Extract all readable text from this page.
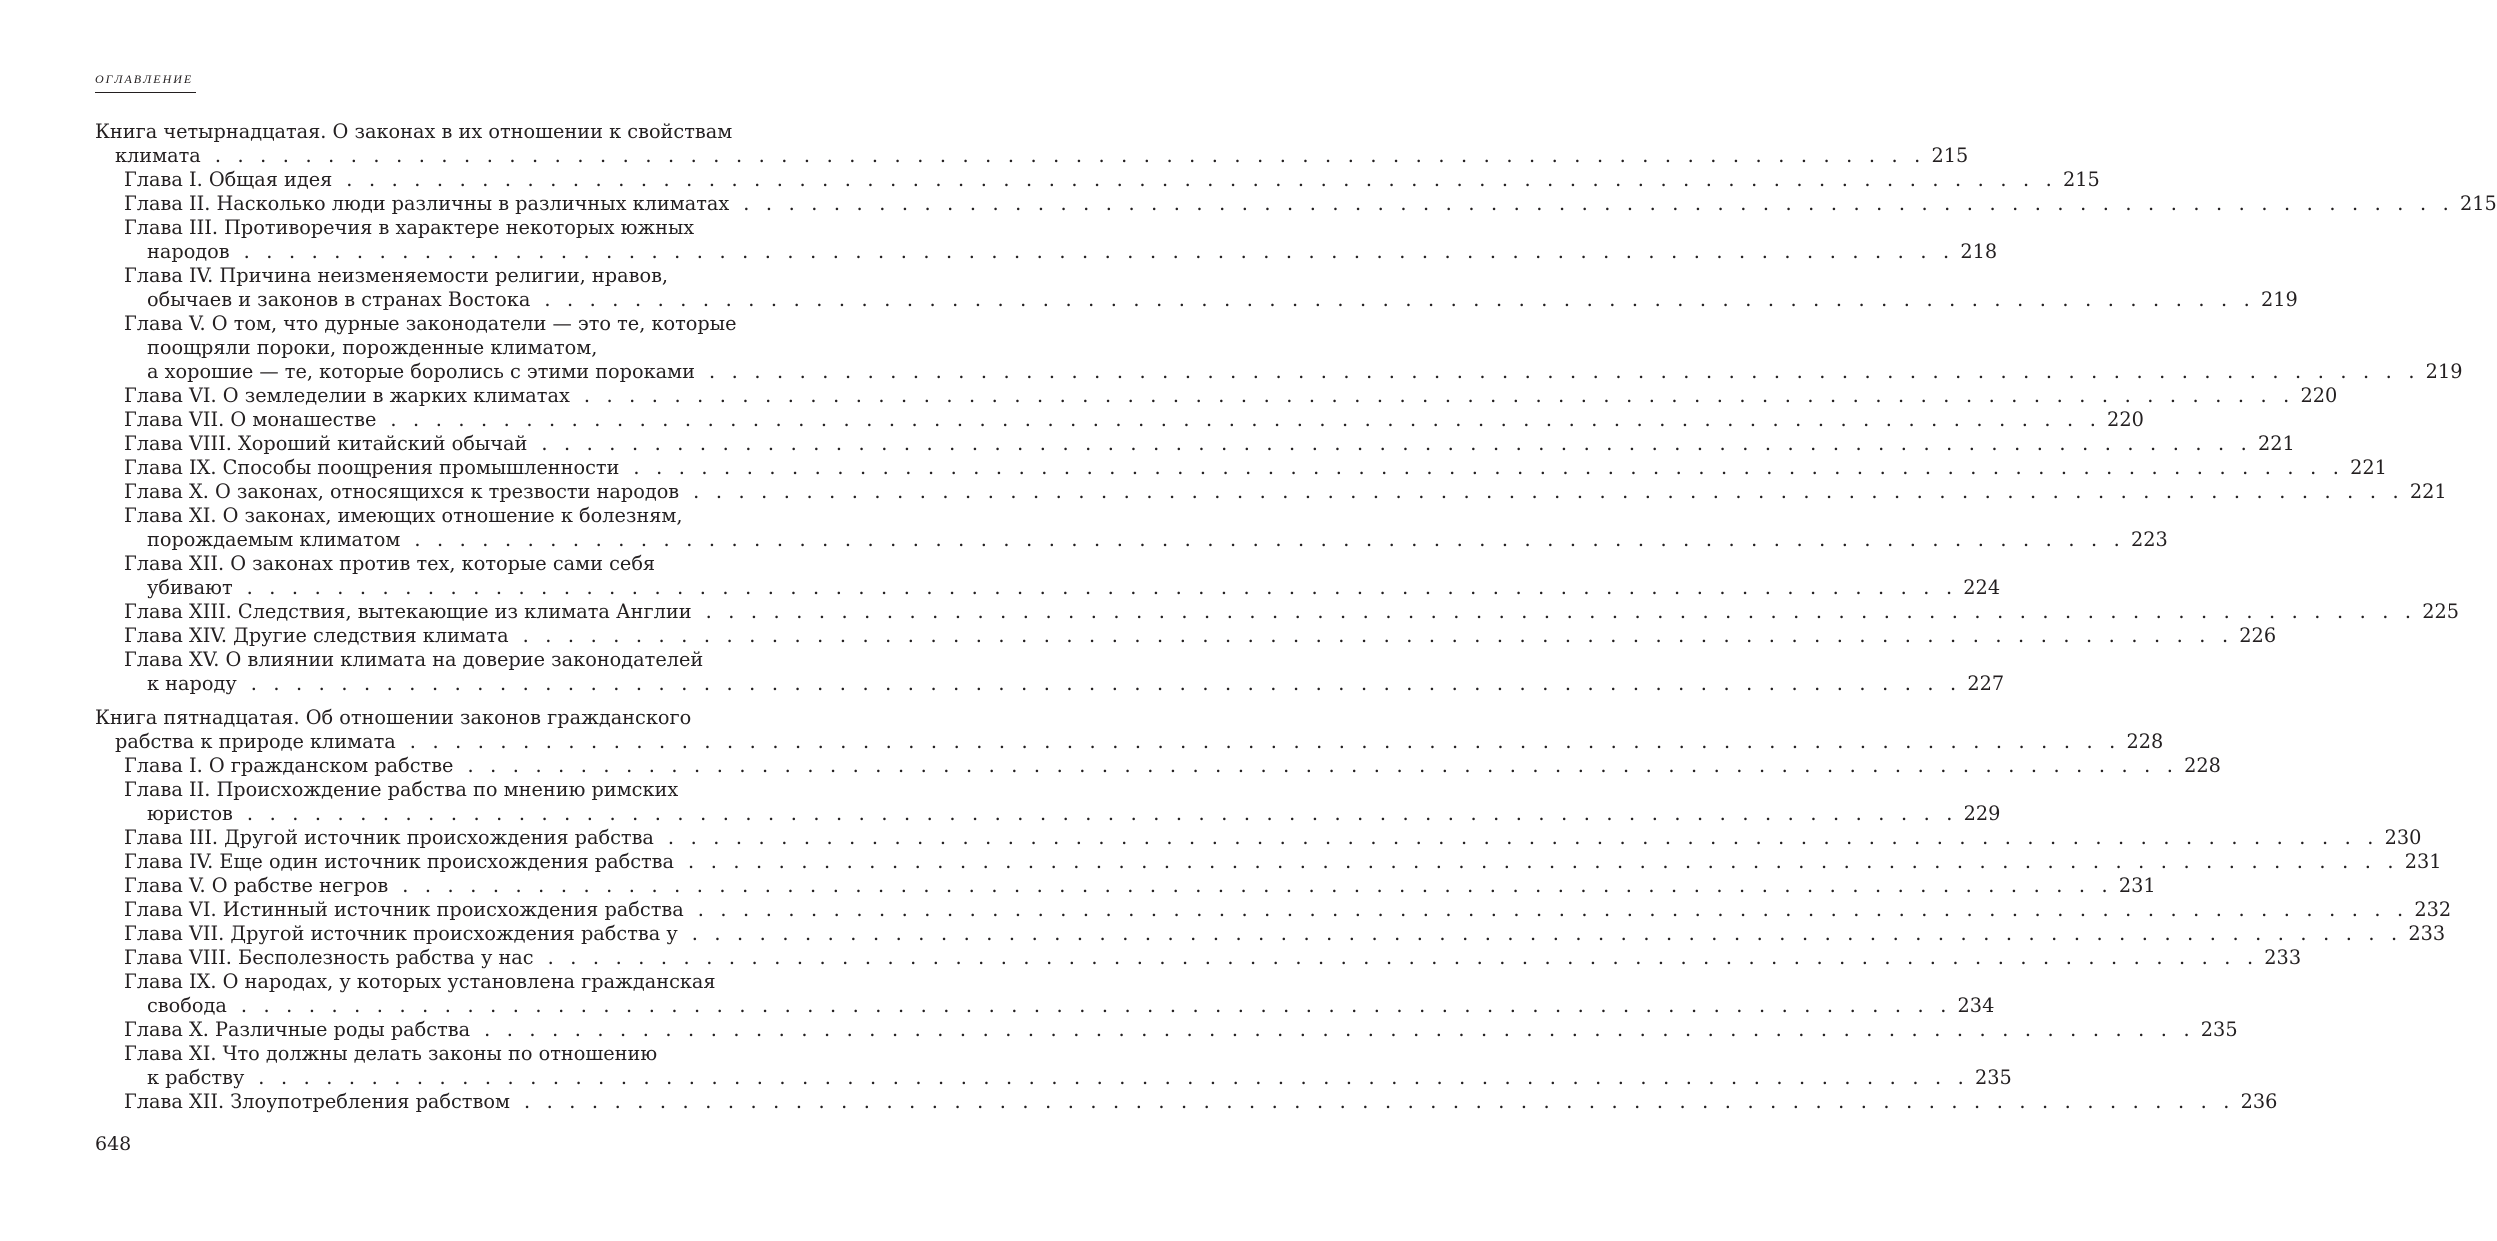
ОГЛАВЛЕНИЕ
Книга четырнадцатая. О законах в их отношении к свойствам
климата . . . . . . . . . . . . . . . . . . . . . . . . . . . . . . . . . . . . . . . . . . . . . . . . . . . . . . . . . . . . . . . . . . . . . . . . . . . . 215
Глава I. Общая идея . . . . . . . . . . . . . . . . . . . . . . . . . . . . . . . . . . . . . . . . . . . . . . . . . . . . . . . . . . . . . . . . . . . . . . . . . . . . 215
Глава II. Насколько люди различны в различных климатах . . . . . . . . . . . . . . . . . . . . . . . . . . . . . . . . . . . . . . . . . . . . . . . . . . . . . . . . . . . . . . . . . . . . . . . . . . . . 215
Глава III. Противоречия в характере некоторых южных
народов . . . . . . . . . . . . . . . . . . . . . . . . . . . . . . . . . . . . . . . . . . . . . . . . . . . . . . . . . . . . . . . . . . . . . . . . . . . . 218
Глава IV. Причина неизменяемости религии, нравов,
обычаев и законов в странах Востока . . . . . . . . . . . . . . . . . . . . . . . . . . . . . . . . . . . . . . . . . . . . . . . . . . . . . . . . . . . . . . . . . . . . . . . . . . . . 219
Глава V. О том, что дурные законодатели — это те, которые
поощряли пороки, порожденные климатом,
а хорошие — те, которые боролись с этими пороками . . . . . . . . . . . . . . . . . . . . . . . . . . . . . . . . . . . . . . . . . . . . . . . . . . . . . . . . . . . . . . . . . . . . . . . . . . . . 219
Глава VI. О земледелии в жарких климатах . . . . . . . . . . . . . . . . . . . . . . . . . . . . . . . . . . . . . . . . . . . . . . . . . . . . . . . . . . . . . . . . . . . . . . . . . . . . 220
Глава VII. О монашестве . . . . . . . . . . . . . . . . . . . . . . . . . . . . . . . . . . . . . . . . . . . . . . . . . . . . . . . . . . . . . . . . . . . . . . . . . . . . 220
Глава VIII. Хороший китайский обычай . . . . . . . . . . . . . . . . . . . . . . . . . . . . . . . . . . . . . . . . . . . . . . . . . . . . . . . . . . . . . . . . . . . . . . . . . . . . 221
Глава IX. Способы поощрения промышленности . . . . . . . . . . . . . . . . . . . . . . . . . . . . . . . . . . . . . . . . . . . . . . . . . . . . . . . . . . . . . . . . . . . . . . . . . . . . 221
Глава X. О законах, относящихся к трезвости народов . . . . . . . . . . . . . . . . . . . . . . . . . . . . . . . . . . . . . . . . . . . . . . . . . . . . . . . . . . . . . . . . . . . . . . . . . . . . 221
Глава XI. О законах, имеющих отношение к болезням,
порождаемым климатом . . . . . . . . . . . . . . . . . . . . . . . . . . . . . . . . . . . . . . . . . . . . . . . . . . . . . . . . . . . . . . . . . . . . . . . . . . . . 223
Глава XII. О законах против тех, которые сами себя
убивают . . . . . . . . . . . . . . . . . . . . . . . . . . . . . . . . . . . . . . . . . . . . . . . . . . . . . . . . . . . . . . . . . . . . . . . . . . . . 224
Глава XIII. Следствия, вытекающие из климата Англии . . . . . . . . . . . . . . . . . . . . . . . . . . . . . . . . . . . . . . . . . . . . . . . . . . . . . . . . . . . . . . . . . . . . . . . . . . . . 225
Глава XIV. Другие следствия климата . . . . . . . . . . . . . . . . . . . . . . . . . . . . . . . . . . . . . . . . . . . . . . . . . . . . . . . . . . . . . . . . . . . . . . . . . . . . 226
Глава XV. О влиянии климата на доверие законодателей
к народу . . . . . . . . . . . . . . . . . . . . . . . . . . . . . . . . . . . . . . . . . . . . . . . . . . . . . . . . . . . . . . . . . . . . . . . . . . . . 227
Книга пятнадцатая. Об отношении законов гражданского
рабства к природе климата . . . . . . . . . . . . . . . . . . . . . . . . . . . . . . . . . . . . . . . . . . . . . . . . . . . . . . . . . . . . . . . . . . . . . . . . . . . . 228
Глава I. О гражданском рабстве . . . . . . . . . . . . . . . . . . . . . . . . . . . . . . . . . . . . . . . . . . . . . . . . . . . . . . . . . . . . . . . . . . . . . . . . . . . . 228
Глава II. Происхождение рабства по мнению римских
юристов . . . . . . . . . . . . . . . . . . . . . . . . . . . . . . . . . . . . . . . . . . . . . . . . . . . . . . . . . . . . . . . . . . . . . . . . . . . . 229
Глава III. Другой источник происхождения рабства . . . . . . . . . . . . . . . . . . . . . . . . . . . . . . . . . . . . . . . . . . . . . . . . . . . . . . . . . . . . . . . . . . . . . . . . . . . . 230
Глава IV. Еще один источник происхождения рабства . . . . . . . . . . . . . . . . . . . . . . . . . . . . . . . . . . . . . . . . . . . . . . . . . . . . . . . . . . . . . . . . . . . . . . . . . . . . 231
Глава V. О рабстве негров . . . . . . . . . . . . . . . . . . . . . . . . . . . . . . . . . . . . . . . . . . . . . . . . . . . . . . . . . . . . . . . . . . . . . . . . . . . . 231
Глава VI. Истинный источник происхождения рабства . . . . . . . . . . . . . . . . . . . . . . . . . . . . . . . . . . . . . . . . . . . . . . . . . . . . . . . . . . . . . . . . . . . . . . . . . . . . 232
Глава VII. Другой источник происхождения рабства у . . . . . . . . . . . . . . . . . . . . . . . . . . . . . . . . . . . . . . . . . . . . . . . . . . . . . . . . . . . . . . . . . . . . . . . . . . . . 233
Глава VIII. Бесполезность рабства у нас . . . . . . . . . . . . . . . . . . . . . . . . . . . . . . . . . . . . . . . . . . . . . . . . . . . . . . . . . . . . . . . . . . . . . . . . . . . . 233
Глава IX. О народах, у которых установлена гражданская
свобода . . . . . . . . . . . . . . . . . . . . . . . . . . . . . . . . . . . . . . . . . . . . . . . . . . . . . . . . . . . . . . . . . . . . . . . . . . . . 234
Глава X. Различные роды рабства . . . . . . . . . . . . . . . . . . . . . . . . . . . . . . . . . . . . . . . . . . . . . . . . . . . . . . . . . . . . . . . . . . . . . . . . . . . . 235
Глава XI. Что должны делать законы по отношению
к рабству . . . . . . . . . . . . . . . . . . . . . . . . . . . . . . . . . . . . . . . . . . . . . . . . . . . . . . . . . . . . . . . . . . . . . . . . . . . . 235
Глава XII. Злоупотребления рабством . . . . . . . . . . . . . . . . . . . . . . . . . . . . . . . . . . . . . . . . . . . . . . . . . . . . . . . . . . . . . . . . . . . . . . . . . . . . 236
648
